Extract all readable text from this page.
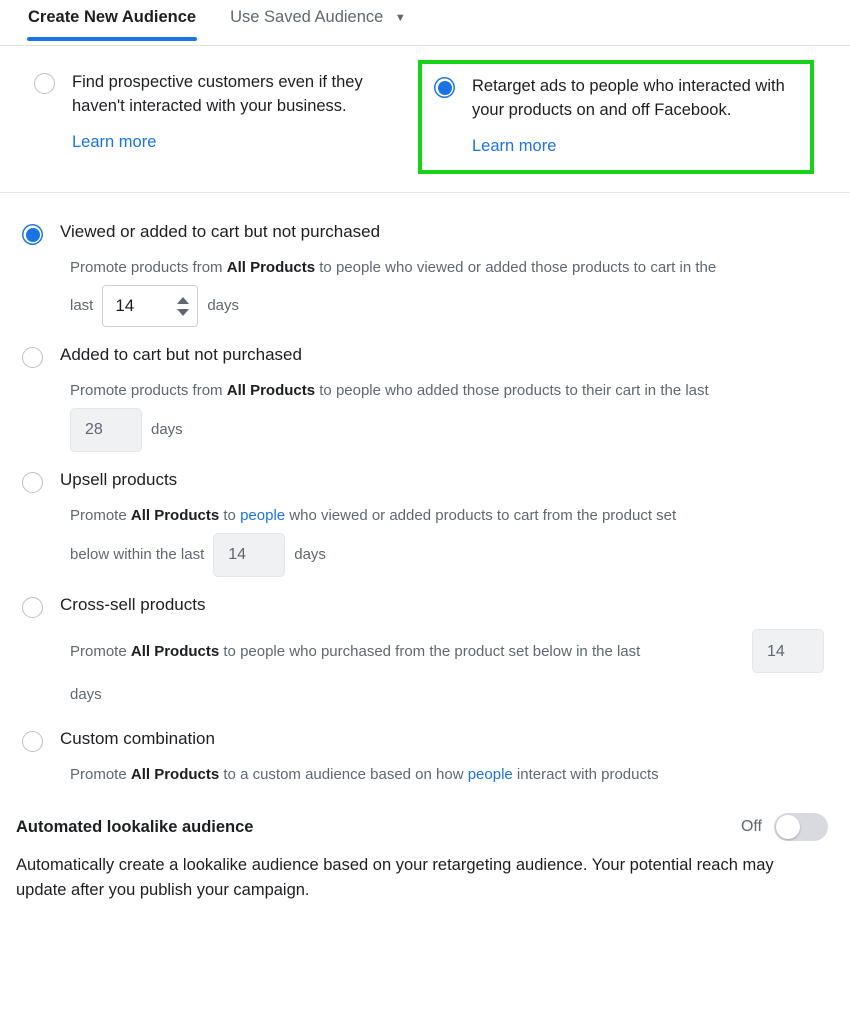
Create New Audience Use Saved Audience ▼
Find prospective customers even if they haven't interacted with your business.
Learn more
Retarget ads to people who interacted with your products on and off Facebook.
Learn more
Viewed or added to cart but not purchased
Promote products from All Products to people who viewed or added those products to cart in the
last 14	days
Added to cart but not purchased
Promote products from All Products to people who added those products to their cart in the last
28	days
Upsell products
Promote All Products to people who viewed or added products to cart from the product set
below within the last	14	days
Cross-sell products
Promote All Products to people who purchased from the product set below in the last	14
days
Custom combination
Promote All Products to a custom audience based on how people interact with products
Automated lookalike audience	Off
Automatically create a lookalike audience based on your retargeting audience. Your potential reach may update after you publish your campaign.
